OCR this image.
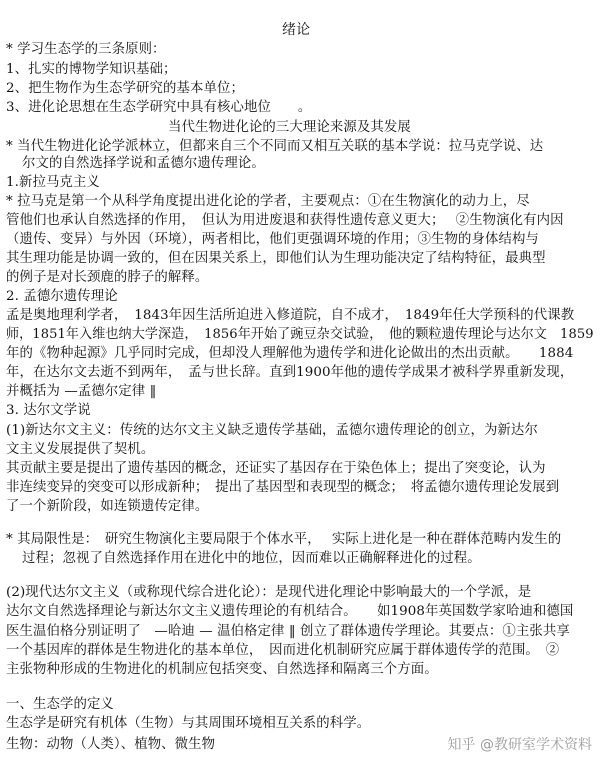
绪论
* 学习生态学的三条原则：
1、扎实的博物学知识基础；
2、把生物作为生态学研究的基本单位；
3、进化论思想在生态学研究中具有核心地位　　。
当代生物进化论的三大理论来源及其发展
* 当代生物进化论学派林立，但都来自三个不同而又相互关联的基本学说：拉马克学说、达
尔文的自然选择学说和孟德尔遗传理论。
1.新拉马克主义
* 拉马克是第一个从科学角度提出进化论的学者，主要观点：①在生物演化的动力上，尽
管他们也承认自然选择的作用，　但认为用进废退和获得性遗传意义更大；　 ②生物演化有内因
（遗传、变异）与外因（环境），两者相比，他们更强调环境的作用；③生物的身体结构与
其生理功能是协调一致的，但在因果关系上，即他们认为生理功能决定了结构特征，最典型
的例子是对长颈鹿的脖子的解释。
2. 孟德尔遗传理论
孟是奥地理利学者，　1843年因生活所迫进入修道院，自不成才，　1849年任大学预科的代课教
师，1851年入维也纳大学深造，　1856年开始了豌豆杂交试验，　他的颗粒遗传理论与达尔文　1859
年的《物种起源》几乎同时完成，但却没人理解他为遗传学和进化论做出的杰出贡献。　　1884
年，在达尔文去逝不到两年，　孟与世长辞。直到1900年他的遗传学成果才被科学界重新发现，
并概括为 —孟德尔定律 ‖
3. 达尔文学说
(1)新达尔文主义：传统的达尔文主义缺乏遗传学基础，孟德尔遗传理论的创立，为新达尔
文主义发展提供了契机。
其贡献主要是提出了遗传基因的概念，还证实了基因存在于染色体上；提出了突变论，认为
非连续变异的突变可以形成新种；　提出了基因型和表现型的概念；　将孟德尔遗传理论发展到
了一个新阶段，如连锁遗传定律。
* 其局限性是：　研究生物演化主要局限于个体水平，　 实际上进化是一种在群体范畴内发生的
过程；忽视了自然选择作用在进化中的地位，因而难以正确解释进化的过程。
(2)现代达尔文主义（或称现代综合进化论）：是现代进化理论中影响最大的一个学派，是
达尔文自然选择理论与新达尔文主义遗传理论的有机结合。　　如1908年英国数学家哈迪和德国
医生温伯格分别证明了　—哈迪 — 温伯格定律 ‖ 创立了群体遗传学理论。其要点：①主张共享
一个基因库的群体是生物进化的基本单位，　因而进化机制研究应属于群体遗传学的范围。　②
主张物种形成的生物进化的机制应包括突变、自然选择和隔离三个方面。
一、生态学的定义
生态学是研究有机体（生物）与其周围环境相互关系的科学。
生物：动物（人类）、植物、微生物	知乎 @教研室学术资料
